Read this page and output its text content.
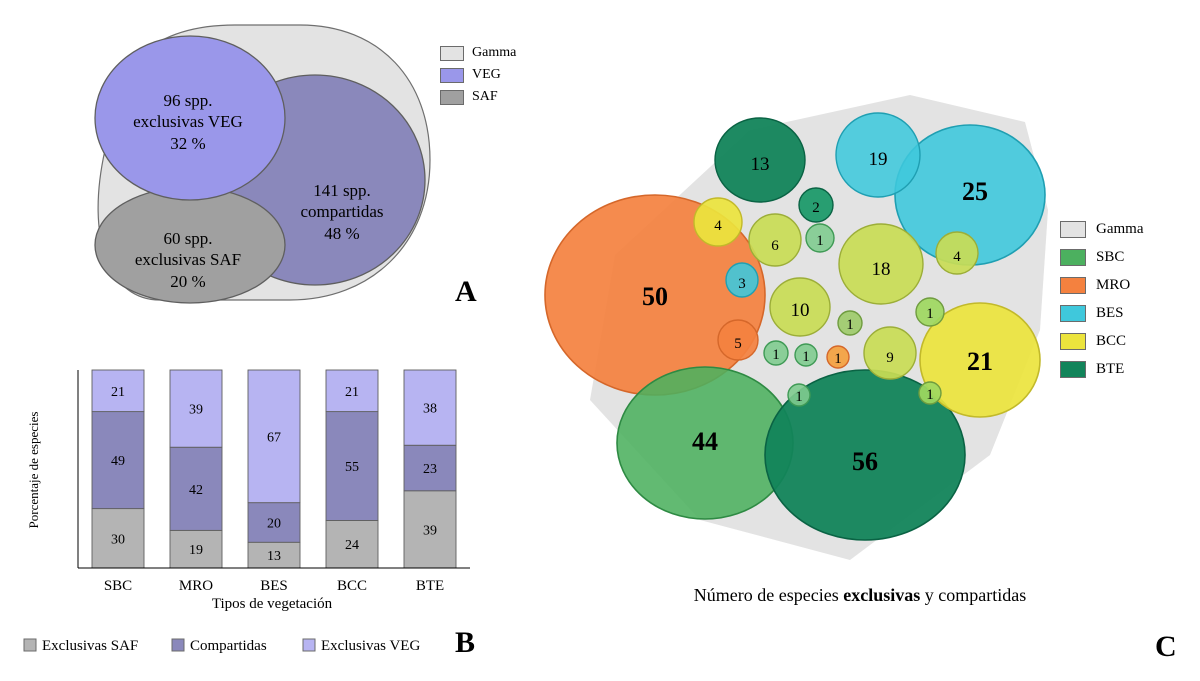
96 spp.
exclusivas VEG
32 %
60 spp.
exclusivas SAF
20 %
141 spp.
compartidas
48 %
A
Gamma
VEG
SAF
30
49
21
SBC
19
42
39
MRO
13
20
67
BES
24
55
21
BCC
39
23
38
BTE
Porcentaje de especies
Tipos de vegetación
Exclusivas SAF	Compartidas	Exclusivas VEG B
13	19
25
4
2
6	1
18
50	3
10
4
1
1
5
1 1 1	9	21
1	1
44
56
Número de especies exclusivas y compartidas
C
Gamma
SBC
MRO
BES
BCC
BTE
